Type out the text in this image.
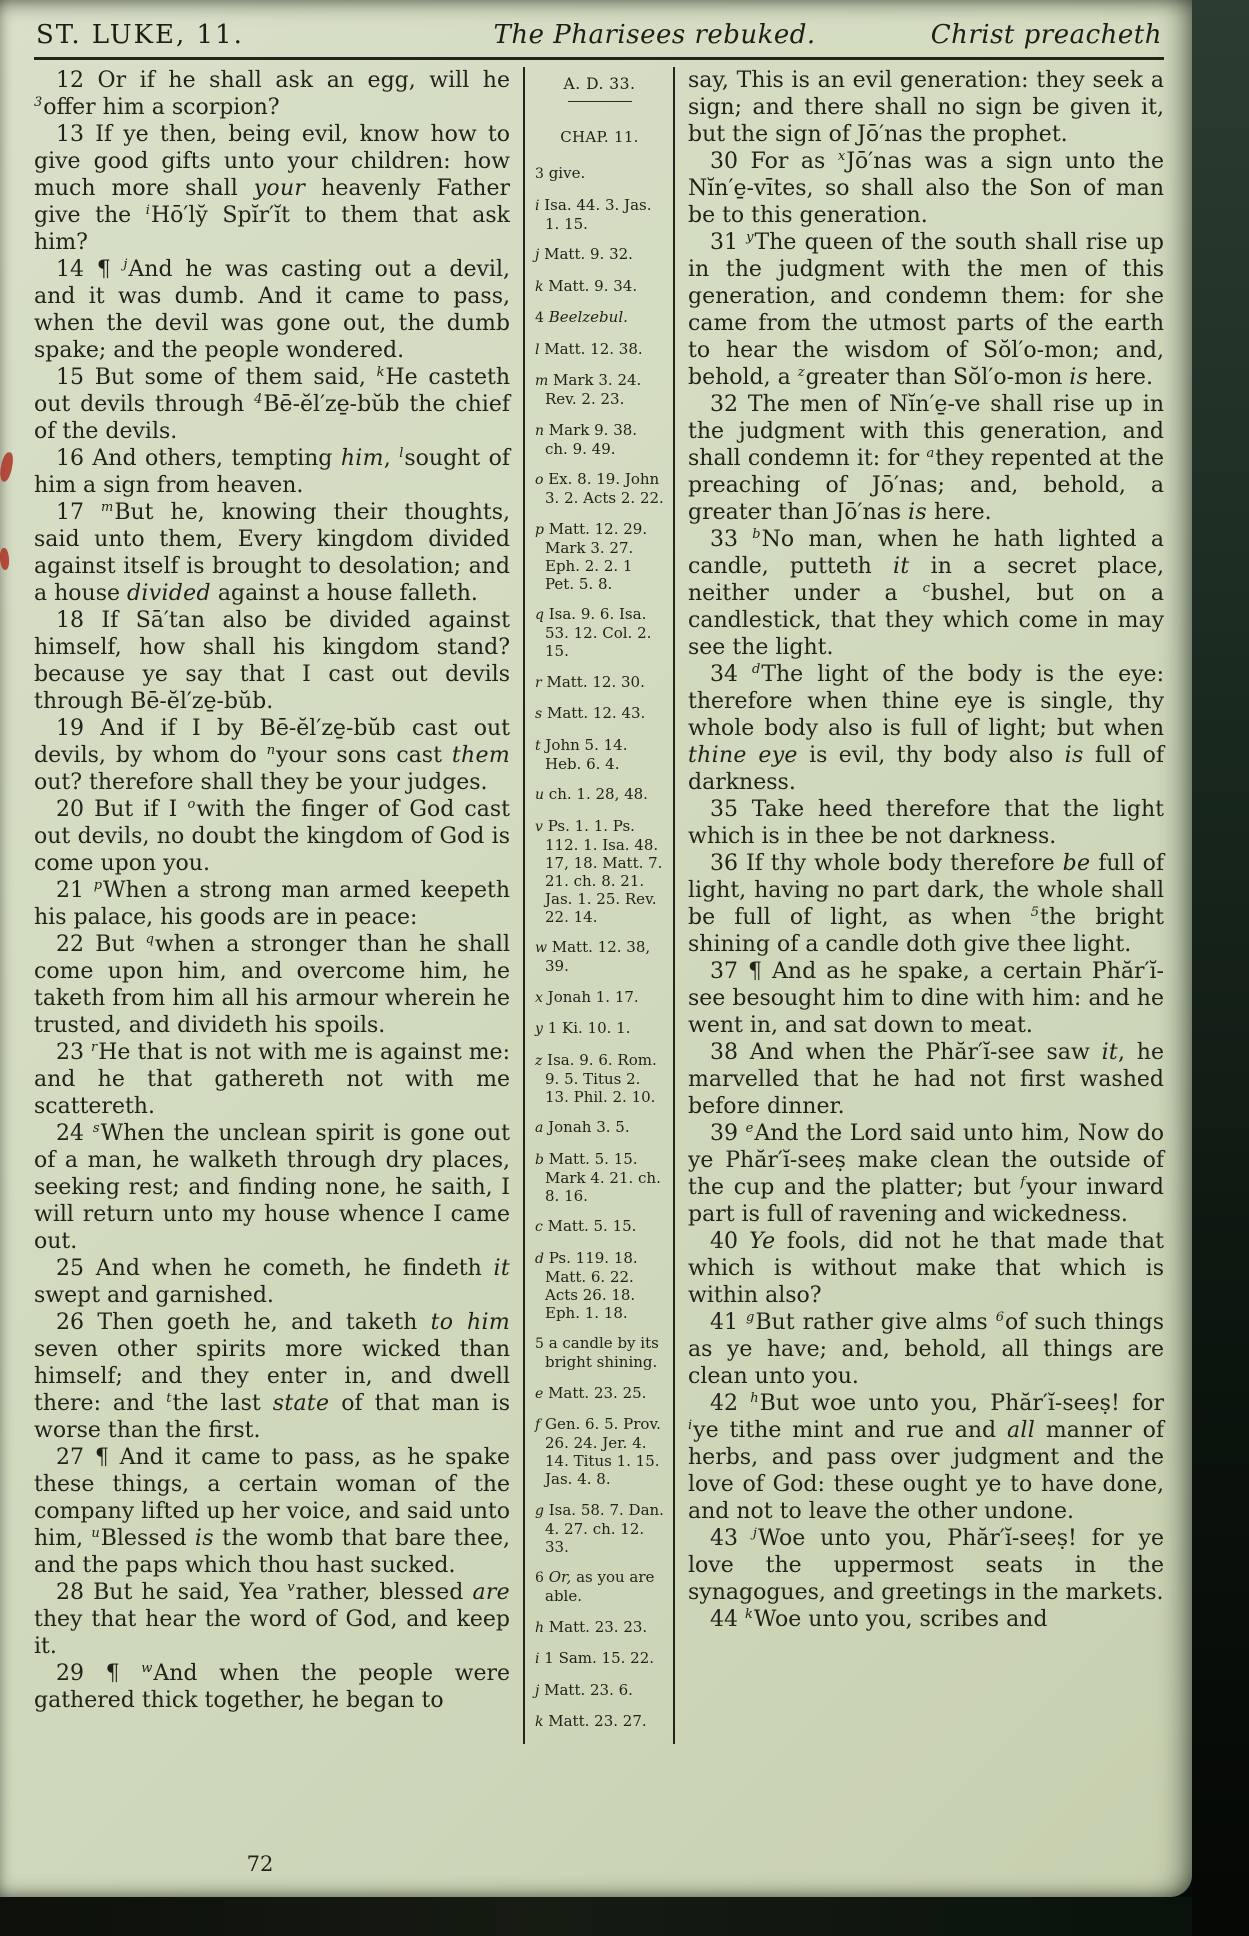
ST. LUKE, 11.	The Pharisees rebuked.	Christ preacheth

12 Or if he shall ask an egg, will he $^3$offer him a scorpion?

13 If ye then, being evil, know how to give good gifts unto your children: how much more shall your heavenly Father give the $^i$Hō′ly̆ Spĭr′ĭt to them that ask him?

14 ¶ $^j$And he was casting out a devil, and it was dumb. And it came to pass, when the devil was gone out, the dumb spake; and the people wondered.

15 But some of them said, $^k$He casteth out devils through $^4$Bē-ĕl′ze̱-bŭb the chief of the devils.

16 And others, tempting him, $^l$sought of him a sign from heaven.

17 $^m$But he, knowing their thoughts, said unto them, Every kingdom divided against itself is brought to desolation; and a house divided against a house falleth.

18 If Sā′tan also be divided against himself, how shall his kingdom stand? because ye say that I cast out devils through Bē-ĕl′ze̱-bŭb.

19 And if I by Bē-ĕl′ze̱-bŭb cast out devils, by whom do $^n$your sons cast them out? therefore shall they be your judges.

20 But if I $^o$with the finger of God cast out devils, no doubt the kingdom of God is come upon you.

21 $^p$When a strong man armed keepeth his palace, his goods are in peace:

22 But $^q$when a stronger than he shall come upon him, and overcome him, he taketh from him all his armour wherein he trusted, and divideth his spoils.

23 $^r$He that is not with me is against me: and he that gathereth not with me scattereth.

24 $^s$When the unclean spirit is gone out of a man, he walketh through dry places, seeking rest; and finding none, he saith, I will return unto my house whence I came out.

25 And when he cometh, he findeth it swept and garnished.

26 Then goeth he, and taketh to him seven other spirits more wicked than himself; and they enter in, and dwell there: and $^t$the last state of that man is worse than the first.

27 ¶ And it came to pass, as he spake these things, a certain woman of the company lifted up her voice, and said unto him, $^u$Blessed is the womb that bare thee, and the paps which thou hast sucked.

28 But he said, Yea $^v$rather, blessed are they that hear the word of God, and keep it.

29 ¶ $^w$And when the people were gathered thick together, he began to

A. D. 33.
CHAP. 11.
3 give.
i Isa. 44. 3. Jas. 1. 15.
j Matt. 9. 32.
k Matt. 9. 34.
4 Beelzebul.
l Matt. 12. 38.
m Mark 3. 24. Rev. 2. 23.
n Mark 9. 38. ch. 9. 49.
o Ex. 8. 19. John 3. 2. Acts 2. 22.
p Matt. 12. 29. Mark 3. 27. Eph. 2. 2. 1 Pet. 5. 8.
q Isa. 9. 6. Isa. 53. 12. Col. 2. 15.
r Matt. 12. 30.
s Matt. 12. 43.
t John 5. 14. Heb. 6. 4.
u ch. 1. 28, 48.
v Ps. 1. 1. Ps. 112. 1. Isa. 48. 17, 18. Matt. 7. 21. ch. 8. 21. Jas. 1. 25. Rev. 22. 14.
w Matt. 12. 38, 39.
x Jonah 1. 17.
y 1 Ki. 10. 1.
z Isa. 9. 6. Rom. 9. 5. Titus 2. 13. Phil. 2. 10.
a Jonah 3. 5.
b Matt. 5. 15. Mark 4. 21. ch. 8. 16.
c Matt. 5. 15.
d Ps. 119. 18. Matt. 6. 22. Acts 26. 18. Eph. 1. 18.
5 a candle by its bright shining.
e Matt. 23. 25.
f Gen. 6. 5. Prov. 26. 24. Jer. 4. 14. Titus 1. 15. Jas. 4. 8.
g Isa. 58. 7. Dan. 4. 27. ch. 12. 33.
6 Or, as you are able.
h Matt. 23. 23.
i 1 Sam. 15. 22.
j Matt. 23. 6.
k Matt. 23. 27.

say, This is an evil generation: they seek a sign; and there shall no sign be given it, but the sign of Jō′nas the prophet.

30 For as $^x$Jō′nas was a sign unto the Nĭn′e̱-vītes, so shall also the Son of man be to this generation.

31 $^y$The queen of the south shall rise up in the judgment with the men of this generation, and condemn them: for she came from the utmost parts of the earth to hear the wisdom of Sŏl′o-mon; and, behold, a $^z$greater than Sŏl′o-mon is here.

32 The men of Nĭn′e̱-ve shall rise up in the judgment with this generation, and shall condemn it: for $^a$they repented at the preaching of Jō′nas; and, behold, a greater than Jō′nas is here.

33 $^b$No man, when he hath lighted a candle, putteth it in a secret place, neither under a $^c$bushel, but on a candlestick, that they which come in may see the light.

34 $^d$The light of the body is the eye: therefore when thine eye is single, thy whole body also is full of light; but when thine eye is evil, thy body also is full of darkness.

35 Take heed therefore that the light which is in thee be not darkness.

36 If thy whole body therefore be full of light, having no part dark, the whole shall be full of light, as when $^5$the bright shining of a candle doth give thee light.

37 ¶ And as he spake, a certain Phăr′ĭ-see besought him to dine with him: and he went in, and sat down to meat.

38 And when the Phăr′ĭ-see saw it, he marvelled that he had not first washed before dinner.

39 $^e$And the Lord said unto him, Now do ye Phăr′ĭ-seeṣ make clean the outside of the cup and the platter; but $^f$your inward part is full of ravening and wickedness.

40 Ye fools, did not he that made that which is without make that which is within also?

41 $^g$But rather give alms $^6$of such things as ye have; and, behold, all things are clean unto you.

42 $^h$But woe unto you, Phăr′ĭ-seeṣ! for $^i$ye tithe mint and rue and all manner of herbs, and pass over judgment and the love of God: these ought ye to have done, and not to leave the other undone.

43 $^j$Woe unto you, Phăr′ĭ-seeṣ! for ye love the uppermost seats in the synagogues, and greetings in the markets.

44 $^k$Woe unto you, scribes and

72
